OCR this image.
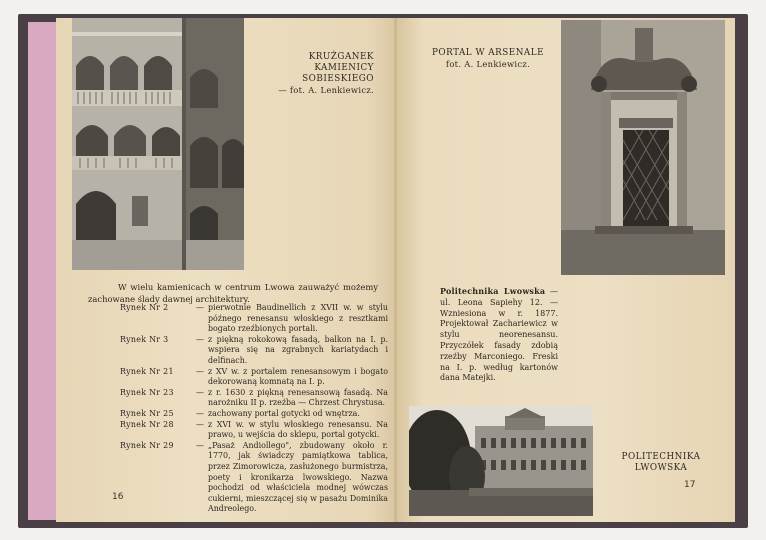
KRUŻGANEK KAMIENICY SOBIESKIEGO
— fot. A. Lenkiewicz.

W wielu kamienicach w centrum Lwowa zauważyć możemy zachowane ślady dawnej architektury.

Rynek Nr 2	— pierwotnie Baudinellich z XVII w. w stylu późnego renesansu włoskiego z resztkami bogato rzeźbionych portali.
Rynek Nr 3	— z piękną rokokową fasadą, balkon na I. p. wspiera się na zgrabnych kariatydach i delfinach.
Rynek Nr 21	— z XV w. z portalem renesansowym i bogato dekorowaną komnatą na I. p.
Rynek Nr 23	— z r. 1630 z piękną renesansową fasadą. Na narożniku II p. rzeźba — Chrzest Chrystusa.
Rynek Nr 25	— zachowany portal gotycki od wnętrza.
Rynek Nr 28	— z XVI w. w stylu włoskiego renesansu. Na prawo, u wejścia do sklepu, portal gotycki.
Rynek Nr 29	— „Pasaż Andiollego", zbudowany około r. 1770, jak świadczy pamiątkowa tablica, przez Zimorowicza, zasłużonego burmistrza, poety i kronikarza lwowskiego. Nazwa pochodzi od właściciela modnej wówczas cukierni, mieszczącej się w pasażu Dominika Andreolego.
16
PORTAL W ARSENALE
fot. A. Lenkiewicz.
Politechnika Lwowska — ul. Leona Sapiehy 12. — Wzniesiona w r. 1877. Projektował Zachariewicz w stylu neorenesansu. Przyczółek fasady zdobią rzeźby Marconiego. Freski na I. p. według kartonów dana Matejki.
POLITECHNIKA
LWOWSKA
17
